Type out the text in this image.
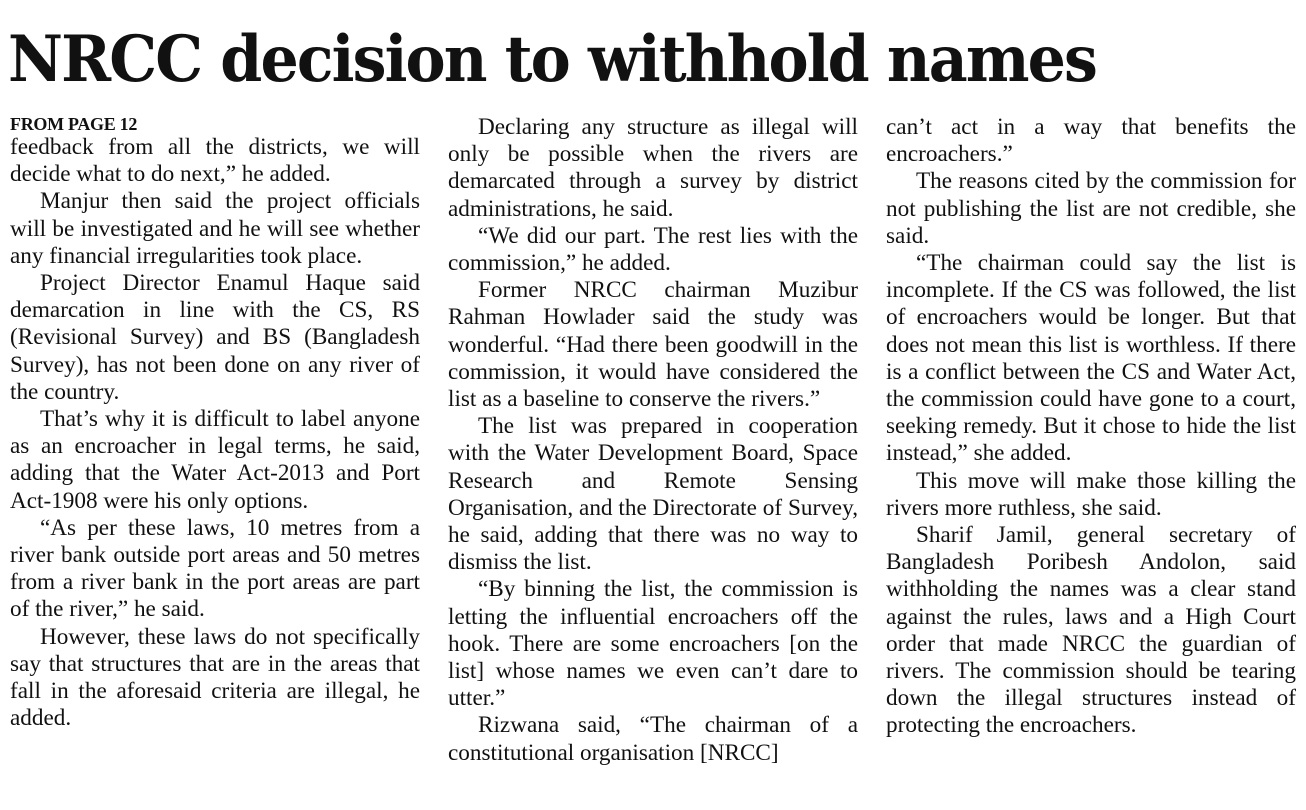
NRCC decision to withhold names

FROM PAGE 12

feedback from all the districts, we will decide what to do next,” he added.

Manjur then said the project officials will be investigated and he will see whether any financial irregularities took place.

Project Director Enamul Haque said demarcation in line with the CS, RS (Revisional Survey) and BS (Bangladesh Survey), has not been done on any river of the country.

That’s why it is difficult to label anyone as an encroacher in legal terms, he said, adding that the Water Act-2013 and Port Act-1908 were his only options.

“As per these laws, 10 metres from a river bank outside port areas and 50 metres from a river bank in the port areas are part of the river,” he said.

However, these laws do not specifically say that structures that are in the areas that fall in the aforesaid criteria are illegal, he added.

Declaring any structure as illegal will only be possible when the rivers are demarcated through a survey by district administrations, he said.

“We did our part. The rest lies with the commission,” he added.

Former NRCC chairman Muzibur Rahman Howlader said the study was wonderful. “Had there been goodwill in the commission, it would have considered the list as a baseline to conserve the rivers.”

The list was prepared in cooperation with the Water Development Board, Space Research and Remote Sensing Organisation, and the Directorate of Survey, he said, adding that there was no way to dismiss the list.

“By binning the list, the commission is letting the influential encroachers off the hook. There are some encroachers [on the list] whose names we even can’t dare to utter.”

Rizwana said, “The chairman of a constitutional organisation [NRCC]

can’t act in a way that benefits the encroachers.”

The reasons cited by the commission for not publishing the list are not credible, she said.

“The chairman could say the list is incomplete. If the CS was followed, the list of encroachers would be longer. But that does not mean this list is worthless. If there is a conflict between the CS and Water Act, the commission could have gone to a court, seeking remedy. But it chose to hide the list instead,” she added.

This move will make those killing the rivers more ruthless, she said.

Sharif Jamil, general secretary of Bangladesh Poribesh Andolon, said withholding the names was a clear stand against the rules, laws and a High Court order that made NRCC the guardian of rivers. The commission should be tearing down the illegal structures instead of protecting the encroachers.
